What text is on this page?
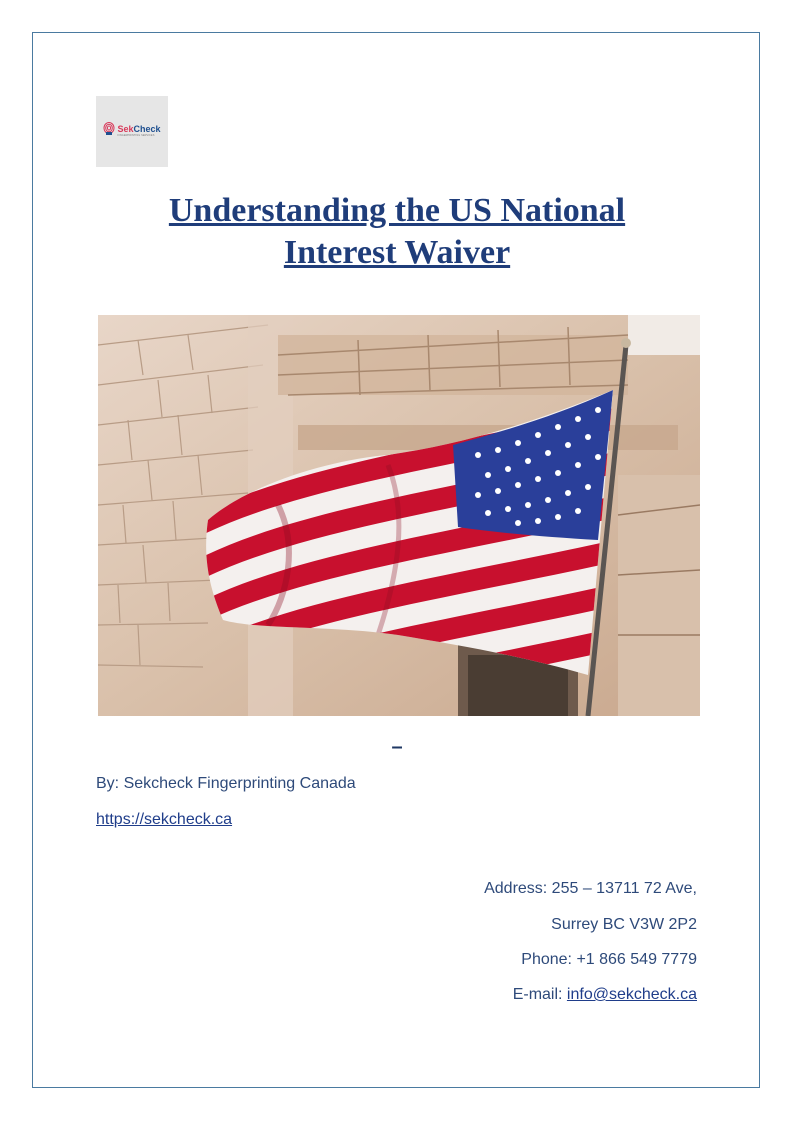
SekCheck
FINGERPRINTING SERVICES
Understanding the US National
Interest Waiver
–
By: Sekcheck Fingerprinting Canada
https://sekcheck.ca
Address: 255 – 13711 72 Ave,
Surrey BC V3W 2P2
Phone: +1 866 549 7779
E-mail: info@sekcheck.ca
